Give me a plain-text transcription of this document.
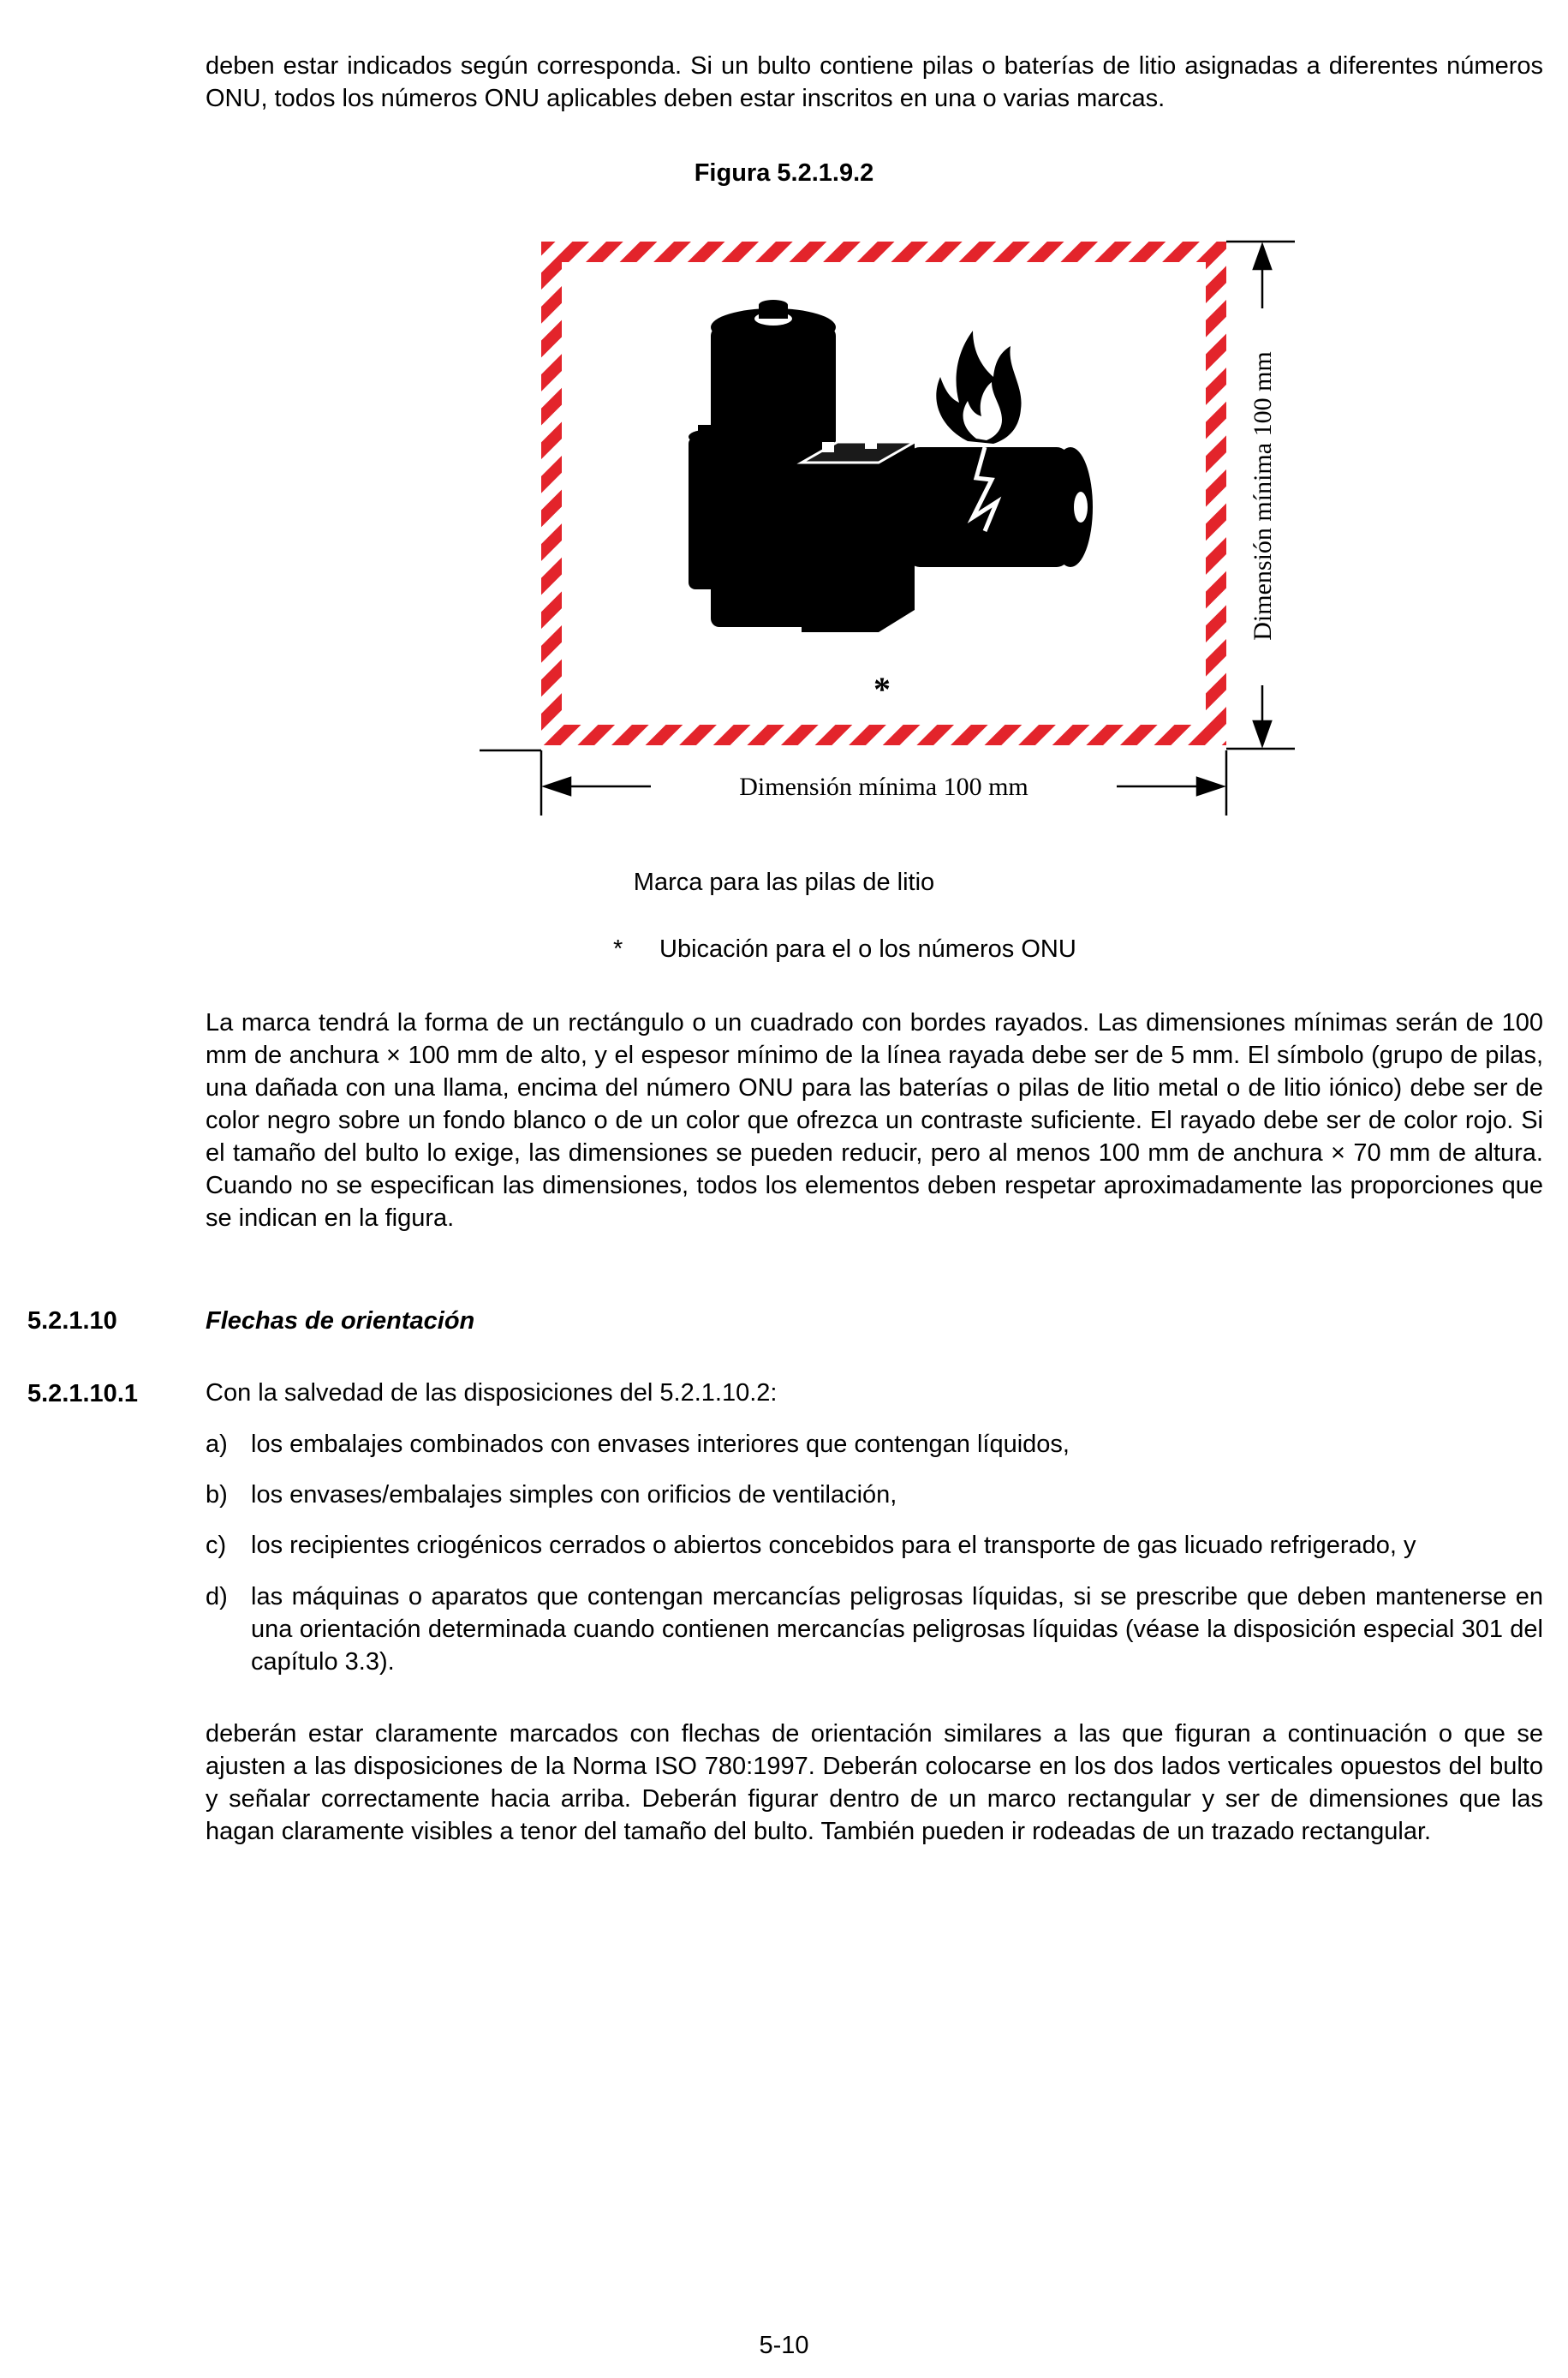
deben estar indicados según corresponda. Si un bulto contiene pilas o baterías de litio asignadas a diferentes números ONU, todos los números ONU aplicables deben estar inscritos en una o varias marcas.

Figura 5.2.1.9.2

*
Dimensión mínima 100 mm
Dimensión mínima 100 mm

Marca para las pilas de litio

* Ubicación para el o los números ONU

La marca tendrá la forma de un rectángulo o un cuadrado con bordes rayados. Las dimensiones mínimas serán de 100 mm de anchura × 100 mm de alto, y el espesor mínimo de la línea rayada debe ser de 5 mm. El símbolo (grupo de pilas, una dañada con una llama, encima del número ONU para las baterías o pilas de litio metal o de litio iónico) debe ser de color negro sobre un fondo blanco o de un color que ofrezca un contraste suficiente. El rayado debe ser de color rojo. Si el tamaño del bulto lo exige, las dimensiones se pueden reducir, pero al menos 100 mm de anchura × 70 mm de altura. Cuando no se especifican las dimensiones, todos los elementos deben respetar aproximadamente las proporciones que se indican en la figura.

5.2.1.10	Flechas de orientación
5.2.1.10.1	Con la salvedad de las disposiciones del 5.2.1.10.2:
a) los embalajes combinados con envases interiores que contengan líquidos,
b) los envases/embalajes simples con orificios de ventilación,
c) los recipientes criogénicos cerrados o abiertos concebidos para el transporte de gas licuado refrigerado, y
d) las máquinas o aparatos que contengan mercancías peligrosas líquidas, si se prescribe que deben mantenerse en una orientación determinada cuando contienen mercancías peligrosas líquidas (véase la disposición especial 301 del capítulo 3.3).

deberán estar claramente marcados con flechas de orientación similares a las que figuran a continuación o que se ajusten a las disposiciones de la Norma ISO 780:1997. Deberán colocarse en los dos lados verticales opuestos del bulto y señalar correctamente hacia arriba. Deberán figurar dentro de un marco rectangular y ser de dimensiones que las hagan claramente visibles a tenor del tamaño del bulto. También pueden ir rodeadas de un trazado rectangular.

5-10
